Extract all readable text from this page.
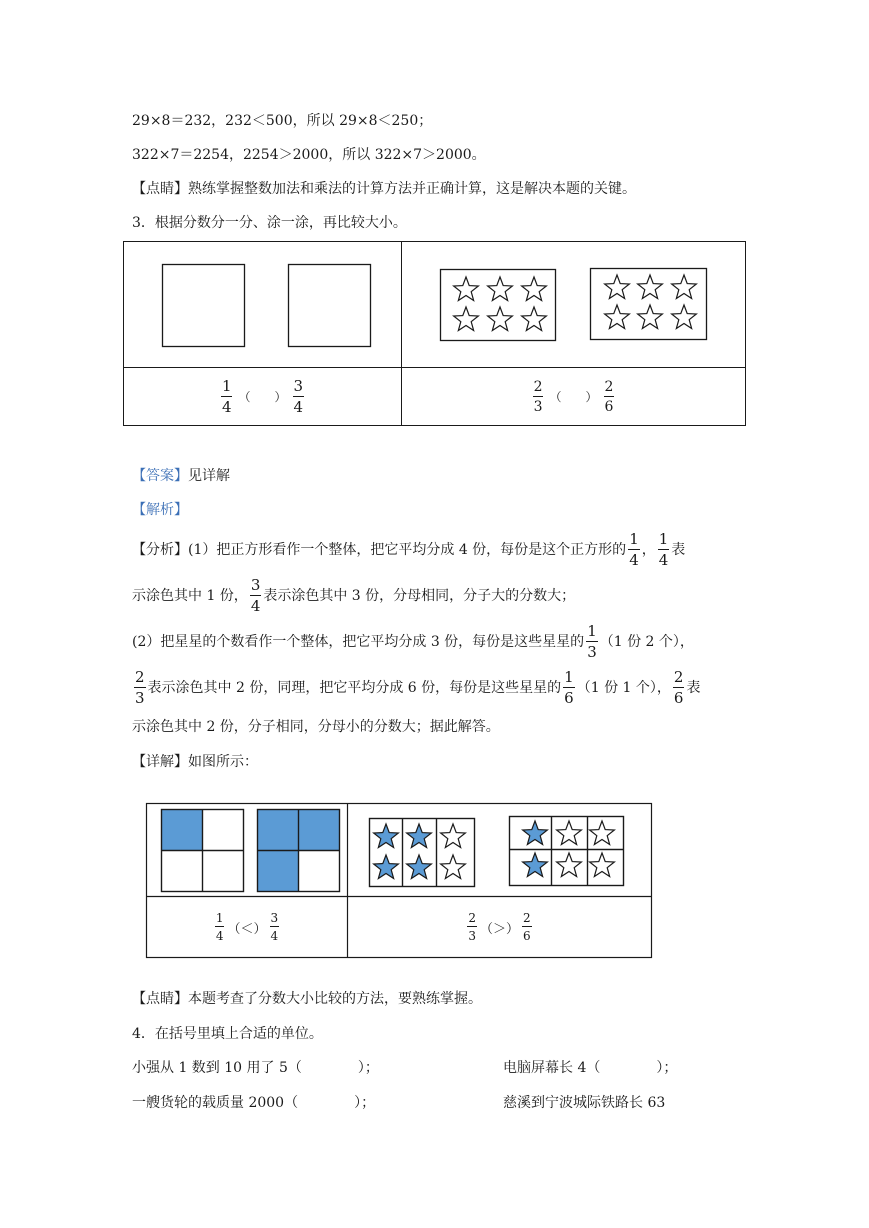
29×8＝232，232＜500，所以 29×8＜250；
322×7＝2254，2254＞2000，所以 322×7＞2000。
【点睛】熟练掌握整数加法和乘法的计算方法并正确计算，这是解决本题的关键。
3．根据分数分一分、涂一涂，再比较大小。
$\frac{1}{4}$ （　　） $\frac{3}{4}$	$\frac{2}{3}$ （　　） $\frac{2}{6}$
【答案】见详解
【解析】
【分析】(1）把正方形看作一个整体，把它平均分成 4 份，每份是这个正方形的 $\frac{1}{4}$ ， $\frac{1}{4}$ 表
示涂色其中 1 份， $\frac{3}{4}$ 表示涂色其中 3 份，分母相同，分子大的分数大；
(2）把星星的个数看作一个整体，把它平均分成 3 份，每份是这些星星的 $\frac{1}{3} (1$ 份 2 个），
$\frac{2}{3}$ 表示涂色其中 2 份，同理，把它平均分成 6 份，每份是这些星星的 $\frac{1}{6} (1$ 份 1 个）， $\frac{2}{6}$ 表
示涂色其中 2 份，分子相同，分母小的分数大；据此解答。
【详解】如图所示：
$\frac{1}{4}$ （＜） $\frac{3}{4}$	$\frac{2}{3}$ （＞） $\frac{2}{6}$
【点睛】本题考查了分数大小比较的方法，要熟练掌握。
4．在括号里填上合适的单位。
小强从 1 数到 10 用了 5（　　　　）；	电脑屏幕长 4（　　　　）；
一艘货轮的载质量 2000（　　　　）；	慈溪到宁波城际铁路长 63
